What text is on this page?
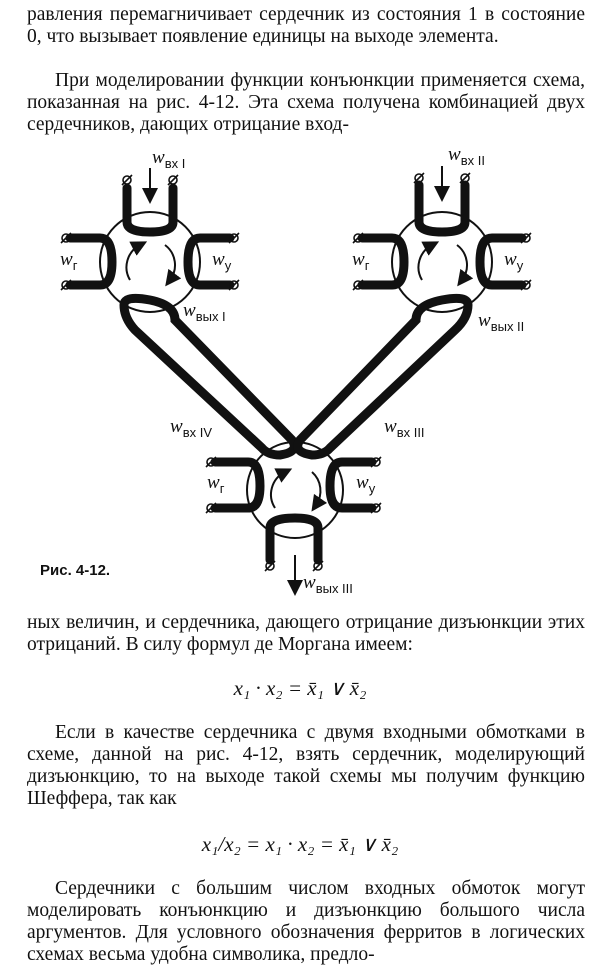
равления перемагничивает сердечник из состояния 1 в состояние 0, что вызывает появление единицы на выходе элемента.

При моделировании функции конъюнкции применяется схема, показанная на рис. 4-12. Эта схема получена комбинацией двух сердечников, дающих отрицание вход-

$w_{вх I}$	$w_{вх II}$
$w_г$	$w_у$	$w_г$	$w_у$
$w_{вых I}$	$w_{вых II}$
$w_{вх IV}$	$w_{вх III}$
$w_г$	$w_у$
$w_{вых III}$
Рис. 4-12.

ных величин, и сердечника, дающего отрицание дизъюнкции этих отрицаний. В силу формул де Моргана имеем:

x₁ · x₂ = x̄₁ ∨ x̄₂

Если в качестве сердечника с двумя входными обмотками в схеме, данной на рис. 4-12, взять сердечник, моделирующий дизъюнкцию, то на выходе такой схемы мы получим функцию Шеффера, так как

x₁/x₂ = x₁ · x₂ = x̄₁ ∨ x̄₂

Сердечники с большим числом входных обмоток могут моделировать конъюнкцию и дизъюнкцию большого числа аргументов. Для условного обозначения ферритов в логических схемах весьма удобна символика, предло-
